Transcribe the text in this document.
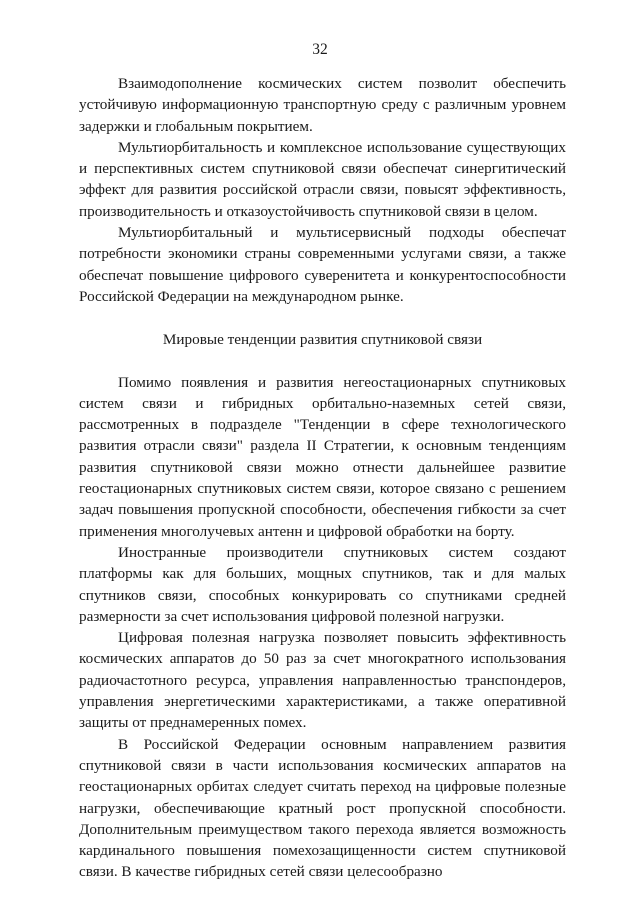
32

Взаимодополнение космических систем позволит обеспечить устойчивую информационную транспортную среду с различным уровнем задержки и глобальным покрытием.

Мультиорбитальность и комплексное использование существующих и перспективных систем спутниковой связи обеспечат синергитический эффект для развития российской отрасли связи, повысят эффективность, производительность и отказоустойчивость спутниковой связи в целом.

Мультиорбитальный и мультисервисный подходы обеспечат потребности экономики страны современными услугами связи, а также обеспечат повышение цифрового суверенитета и конкурентоспособности Российской Федерации на международном рынке.

Мировые тенденции развития спутниковой связи

Помимо появления и развития негеостационарных спутниковых систем связи и гибридных орбитально-наземных сетей связи, рассмотренных в подразделе "Тенденции в сфере технологического развития отрасли связи" раздела II Стратегии, к основным тенденциям развития спутниковой связи можно отнести дальнейшее развитие геостационарных спутниковых систем связи, которое связано с решением задач повышения пропускной способности, обеспечения гибкости за счет применения многолучевых антенн и цифровой обработки на борту.

Иностранные производители спутниковых систем создают платформы как для больших, мощных спутников, так и для малых спутников связи, способных конкурировать со спутниками средней размерности за счет использования цифровой полезной нагрузки.

Цифровая полезная нагрузка позволяет повысить эффективность космических аппаратов до 50 раз за счет многократного использования радиочастотного ресурса, управления направленностью транспондеров, управления энергетическими характеристиками, а также оперативной защиты от преднамеренных помех.

В Российской Федерации основным направлением развития спутниковой связи в части использования космических аппаратов на геостационарных орбитах следует считать переход на цифровые полезные нагрузки, обеспечивающие кратный рост пропускной способности. Дополнительным преимуществом такого перехода является возможность кардинального повышения помехозащищенности систем спутниковой связи. В качестве гибридных сетей связи целесообразно
